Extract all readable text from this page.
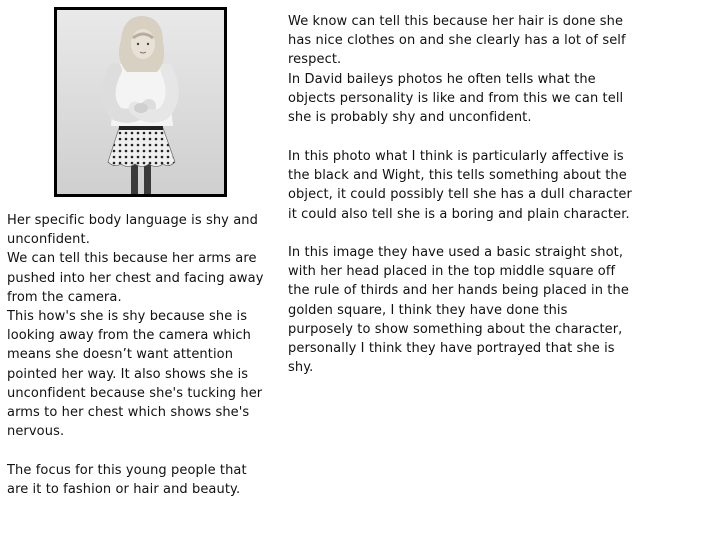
Her specific body language is shy and unconfident.
We can tell this because her arms are pushed into her chest and facing away from the camera.
This how's she is shy because she is looking away from the camera which means she doesn’t want attention pointed her way. It also shows she is unconfident because she's tucking her arms to her chest which shows she's nervous.
The focus for this young people that are it to fashion or hair and beauty.
We know can tell this because her hair is done she has nice clothes on and she clearly has a lot of self respect.
In David baileys photos he often tells what the objects personality is like and from this we can tell she is probably shy and unconfident.
In this photo what I think is particularly affective is the black and Wight, this tells something about the object, it could possibly tell she has a dull character it could also tell she is a boring and plain character.
In this image they have used a basic straight shot, with her head placed in the top middle square off the rule of thirds and her hands being placed in the golden square, I think they have done this purposely to show something about the character, personally I think they have portrayed that she is shy.
